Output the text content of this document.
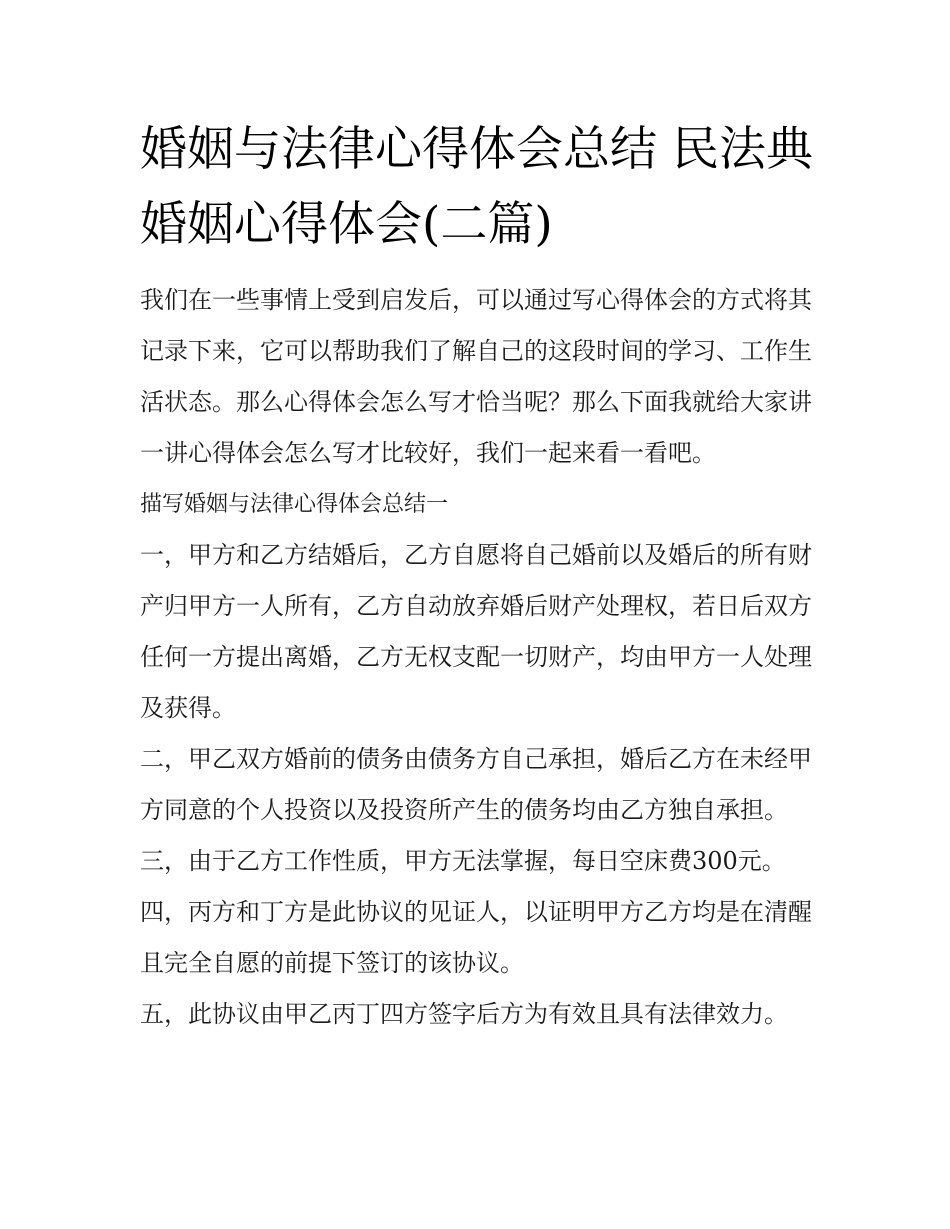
婚姻与法律心得体会总结 民法典婚姻心得体会(二篇)

我们在一些事情上受到启发后，可以通过写心得体会的方式将其记录下来，它可以帮助我们了解自己的这段时间的学习、工作生活状态。那么心得体会怎么写才恰当呢？那么下面我就给大家讲一讲心得体会怎么写才比较好，我们一起来看一看吧。

描写婚姻与法律心得体会总结一

一，甲方和乙方结婚后，乙方自愿将自己婚前以及婚后的所有财产归甲方一人所有，乙方自动放弃婚后财产处理权，若日后双方任何一方提出离婚，乙方无权支配一切财产，均由甲方一人处理及获得。

二，甲乙双方婚前的债务由债务方自己承担，婚后乙方在未经甲方同意的个人投资以及投资所产生的债务均由乙方独自承担。

三，由于乙方工作性质，甲方无法掌握，每日空床费300元。

四，丙方和丁方是此协议的见证人，以证明甲方乙方均是在清醒且完全自愿的前提下签订的该协议。

五，此协议由甲乙丙丁四方签字后方为有效且具有法律效力。
